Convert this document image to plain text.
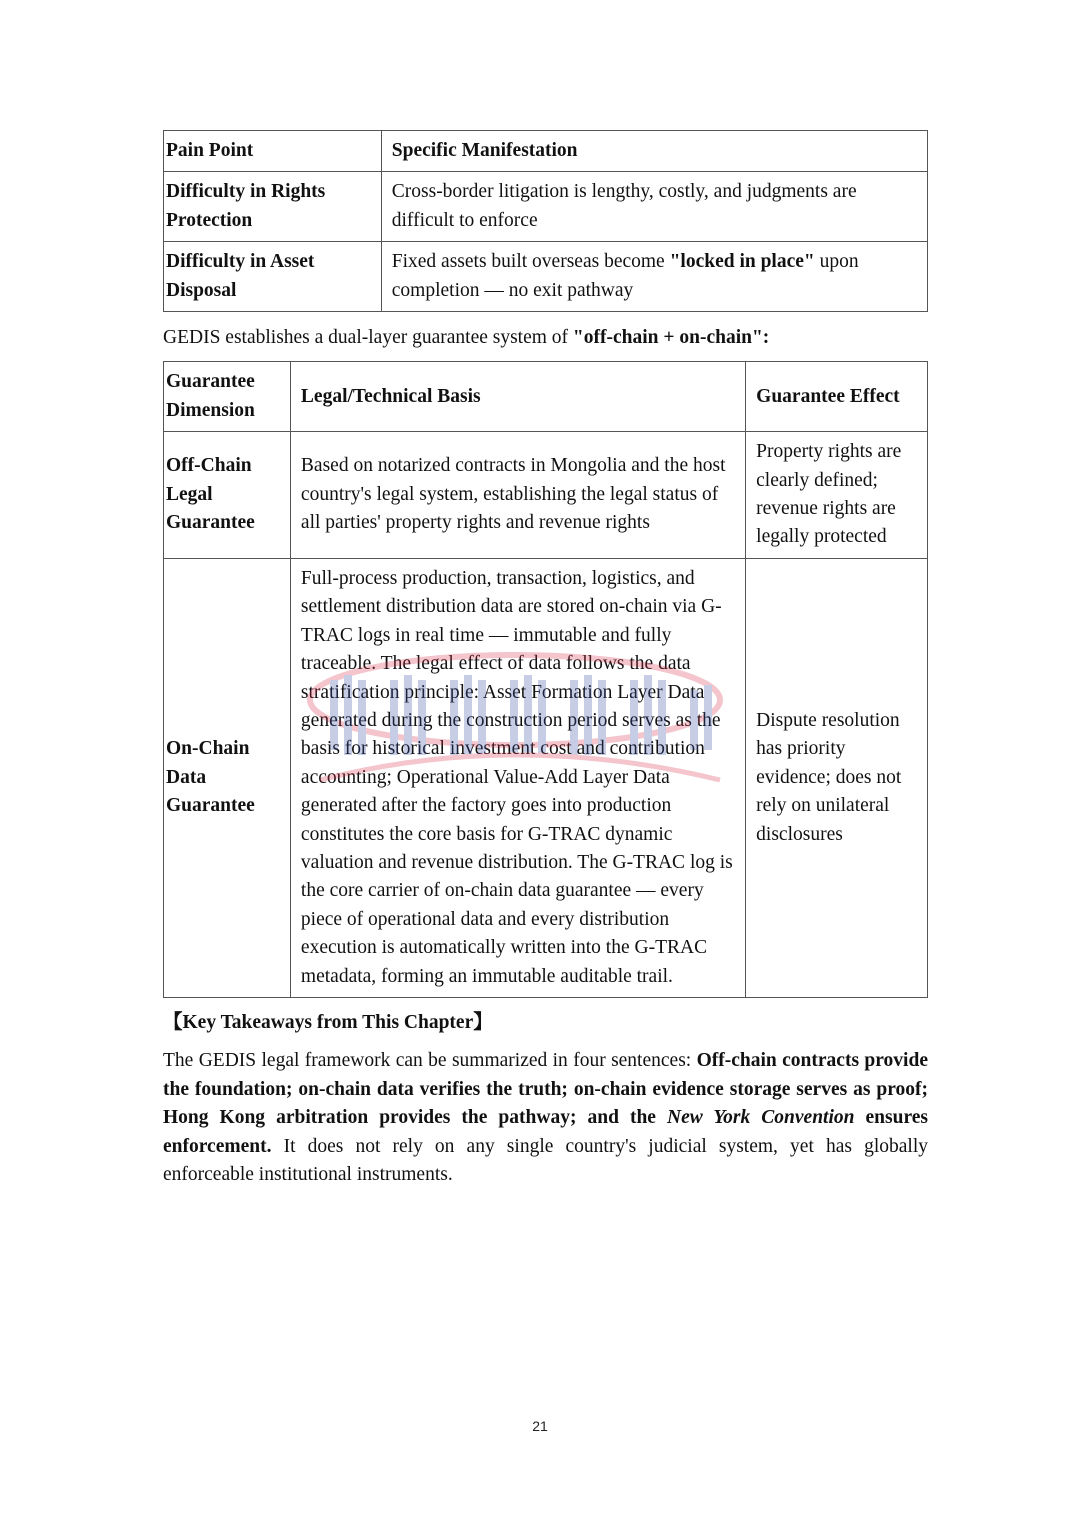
Pain Point	Specific Manifestation
Difficulty in Rights Protection	Cross-border litigation is lengthy, costly, and judgments are difficult to enforce
Difficulty in Asset Disposal	Fixed assets built overseas become "locked in place" upon completion — no exit pathway

GEDIS establishes a dual-layer guarantee system of "off-chain + on-chain":

Guarantee Dimension	Legal/Technical Basis	Guarantee Effect
Off-Chain Legal Guarantee	Based on notarized contracts in Mongolia and the host country's legal system, establishing the legal status of all parties' property rights and revenue rights	Property rights are clearly defined; revenue rights are legally protected
On-Chain Data Guarantee	Full-process production, transaction, logistics, and settlement distribution data are stored on-chain via G-TRAC logs in real time — immutable and fully traceable. The legal effect of data follows the data stratification principle: Asset Formation Layer Data generated during the construction period serves as the basis for historical investment cost and contribution accounting; Operational Value-Add Layer Data generated after the factory goes into production constitutes the core basis for G-TRAC dynamic valuation and revenue distribution. The G-TRAC log is the core carrier of on-chain data guarantee — every piece of operational data and every distribution execution is automatically written into the G-TRAC metadata, forming an immutable auditable trail.	Dispute resolution has priority evidence; does not rely on unilateral disclosures

【Key Takeaways from This Chapter】

The GEDIS legal framework can be summarized in four sentences: Off-chain contracts provide the foundation; on-chain data verifies the truth; on-chain evidence storage serves as proof; Hong Kong arbitration provides the pathway; and the New York Convention ensures enforcement. It does not rely on any single country's judicial system, yet has globally enforceable institutional instruments.

21
